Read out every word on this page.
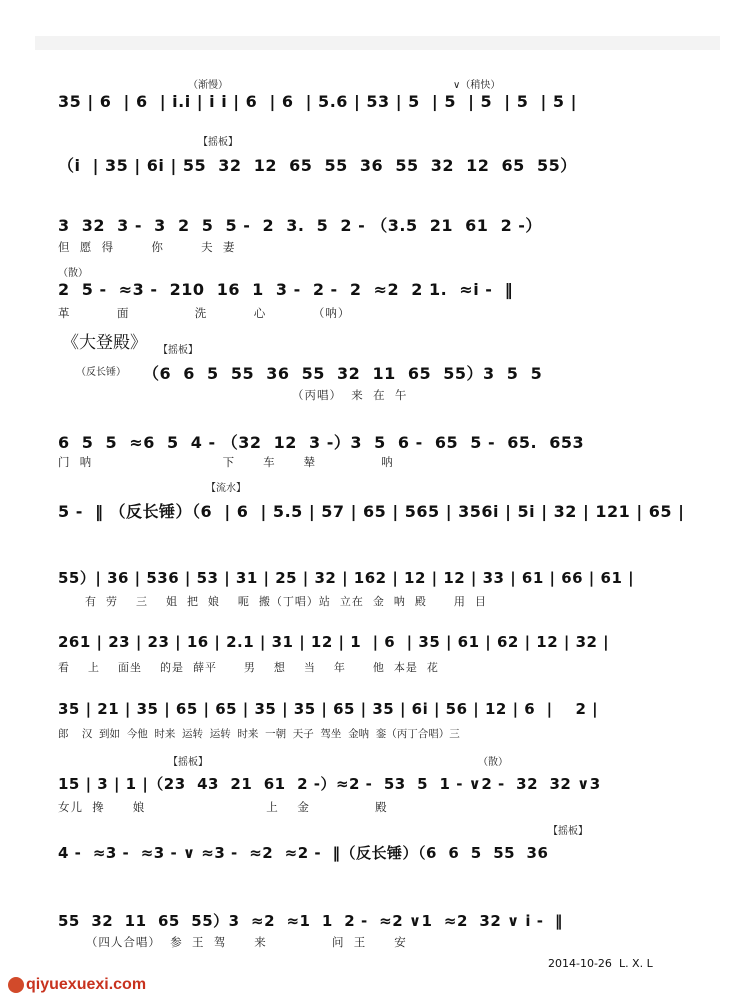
35 | 6  | 6  | i.i | i i | 6  | 6  | 5.6 | 53 | 5  | 5  | 5  | 5  | 5 |
（渐慢）	∨（稍快）
（i  | 35 | 6i | 55  32  12  65  55  36  55  32  12  65  55）
【摇板】
3  32  3 -  3  2  5  5 -  2  3.  5  2 - （3.5  21  61  2 -）
但  愿  得        你        夫  妻
2  5 -  ≈3 -  210  16  1  3 -  2 -  2  ≈2  2 1.  ≈i -  ‖
革          面              洗          心          （呐）
（散）
《大登殿》
（6  6  5  55  36  55  32  11  65  55）3  5  5
（丙唱）  来  在  午
（反长锤）
【摇板】
6  5  5  ≈6  5  4 - （32  12  3 -）3  5  6 -  65  5 -  65.  653
门  呐                            下      车      辇              呐
5 -  ‖ （反长锤）（6  | 6  | 5.5 | 57 | 65 | 565 | 356i | 5i | 32 | 121 | 65 |
【流水】
55）| 36 | 536 | 53 | 31 | 25 | 32 | 162 | 12 | 12 | 33 | 61 | 66 | 61 |
有  劳    三    姐  把  娘    呃  搬（丁唱）站  立在  金  呐  殿      用  目
261 | 23 | 23 | 16 | 2.1 | 31 | 12 | 1  | 6  | 35 | 61 | 62 | 12 | 32 |
看    上    面坐    的是  薛平      男    想    当    年      他  本是  花
35 | 21 | 35 | 65 | 65 | 35 | 35 | 65 | 35 | 6i | 56 | 12 | 6  |    2 |
郎    汉  到如  今他  时来  运转  运转  时来  一朝  天子  驾坐  金呐  銮（丙丁合唱）三
15 | 3 | 1 |（23  43  21  61  2 -）≈2 -  53  5  1 - ∨2 -  32  32 ∨3
女儿  搀      娘                          上    金              殿
【摇板】	（散）
4 -  ≈3 -  ≈3 - ∨ ≈3 -  ≈2  ≈2 -  ‖（反长锤）（6  6  5  55  36
【摇板】
55  32  11  65  55）3  ≈2  ≈1  1  2 -  ≈2 ∨1  ≈2  32 ∨ i -  ‖
（四人合唱）  参  王  驾      来              问  王      安
2014-10-26 L. X. L
qiyuexuexi.com
